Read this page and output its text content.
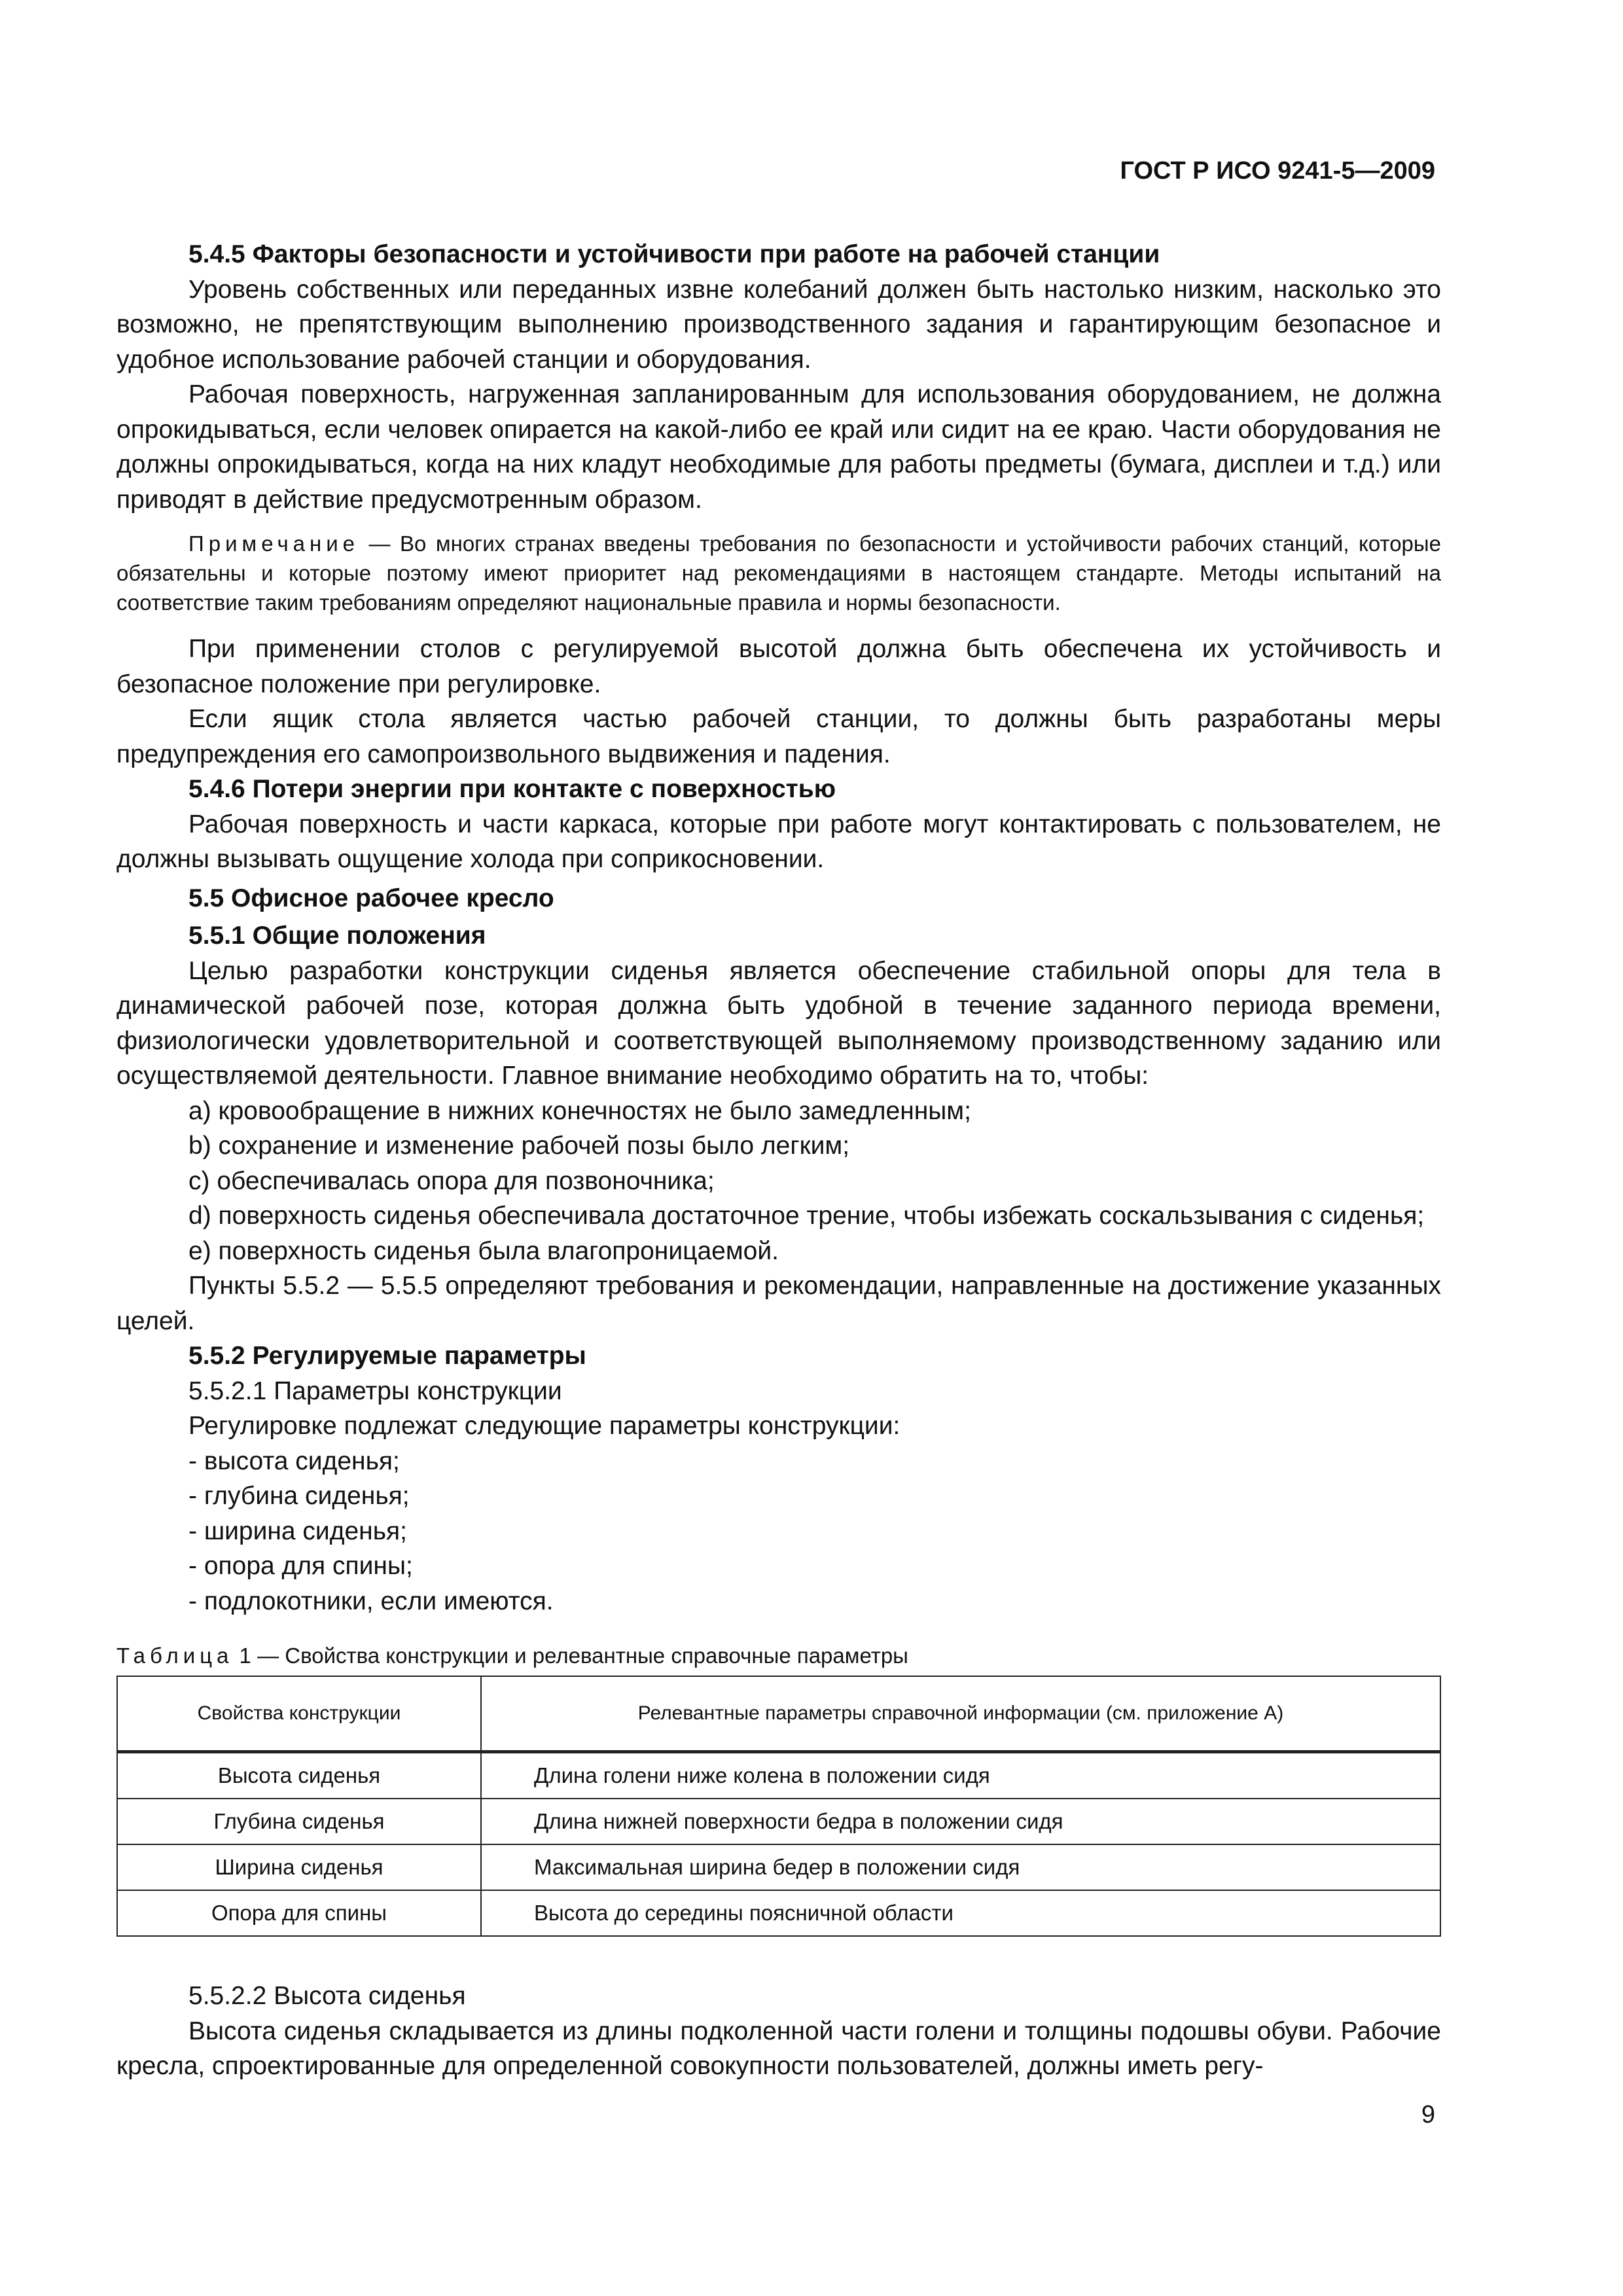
ГОСТ Р ИСО 9241-5—2009

5.4.5 Факторы безопасности и устойчивости при работе на рабочей станции

Уровень собственных или переданных извне колебаний должен быть настолько низким, насколько это возможно, не препятствующим выполнению производственного задания и гарантирующим безопасное и удобное использование рабочей станции и оборудования.

Рабочая поверхность, нагруженная запланированным для использования оборудованием, не должна опрокидываться, если человек опирается на какой-либо ее край или сидит на ее краю. Части оборудования не должны опрокидываться, когда на них кладут необходимые для работы предметы (бумага, дисплеи и т.д.) или приводят в действие предусмотренным образом.

Примечание — Во многих странах введены требования по безопасности и устойчивости рабочих станций, которые обязательны и которые поэтому имеют приоритет над рекомендациями в настоящем стандарте. Методы испытаний на соответствие таким требованиям определяют национальные правила и нормы безопасности.

При применении столов с регулируемой высотой должна быть обеспечена их устойчивость и безопасное положение при регулировке.

Если ящик стола является частью рабочей станции, то должны быть разработаны меры предупреждения его самопроизвольного выдвижения и падения.

5.4.6 Потери энергии при контакте с поверхностью

Рабочая поверхность и части каркаса, которые при работе могут контактировать с пользователем, не должны вызывать ощущение холода при соприкосновении.

5.5 Офисное рабочее кресло

5.5.1 Общие положения

Целью разработки конструкции сиденья является обеспечение стабильной опоры для тела в динамической рабочей позе, которая должна быть удобной в течение заданного периода времени, физиологически удовлетворительной и соответствующей выполняемому производственному заданию или осуществляемой деятельности. Главное внимание необходимо обратить на то, чтобы:

a) кровообращение в нижних конечностях не было замедленным;

b) сохранение и изменение рабочей позы было легким;

c) обеспечивалась опора для позвоночника;

d) поверхность сиденья обеспечивала достаточное трение, чтобы избежать соскальзывания с сиденья;

e) поверхность сиденья была влагопроницаемой.

Пункты 5.5.2 — 5.5.5 определяют требования и рекомендации, направленные на достижение указанных целей.

5.5.2 Регулируемые параметры

5.5.2.1 Параметры конструкции

Регулировке подлежат следующие параметры конструкции:

- высота сиденья;

- глубина сиденья;

- ширина сиденья;

- опора для спины;

- подлокотники, если имеются.

Таблица 1 — Свойства конструкции и релевантные справочные параметры

Свойства конструкции	Релевантные параметры справочной информации (см. приложение А)
Высота сиденья	Длина голени ниже колена в положении сидя
Глубина сиденья	Длина нижней поверхности бедра в положении сидя
Ширина сиденья	Максимальная ширина бедер в положении сидя
Опора для спины	Высота до середины поясничной области

5.5.2.2 Высота сиденья

Высота сиденья складывается из длины подколенной части голени и толщины подошвы обуви. Рабочие кресла, спроектированные для определенной совокупности пользователей, должны иметь регу-

9
